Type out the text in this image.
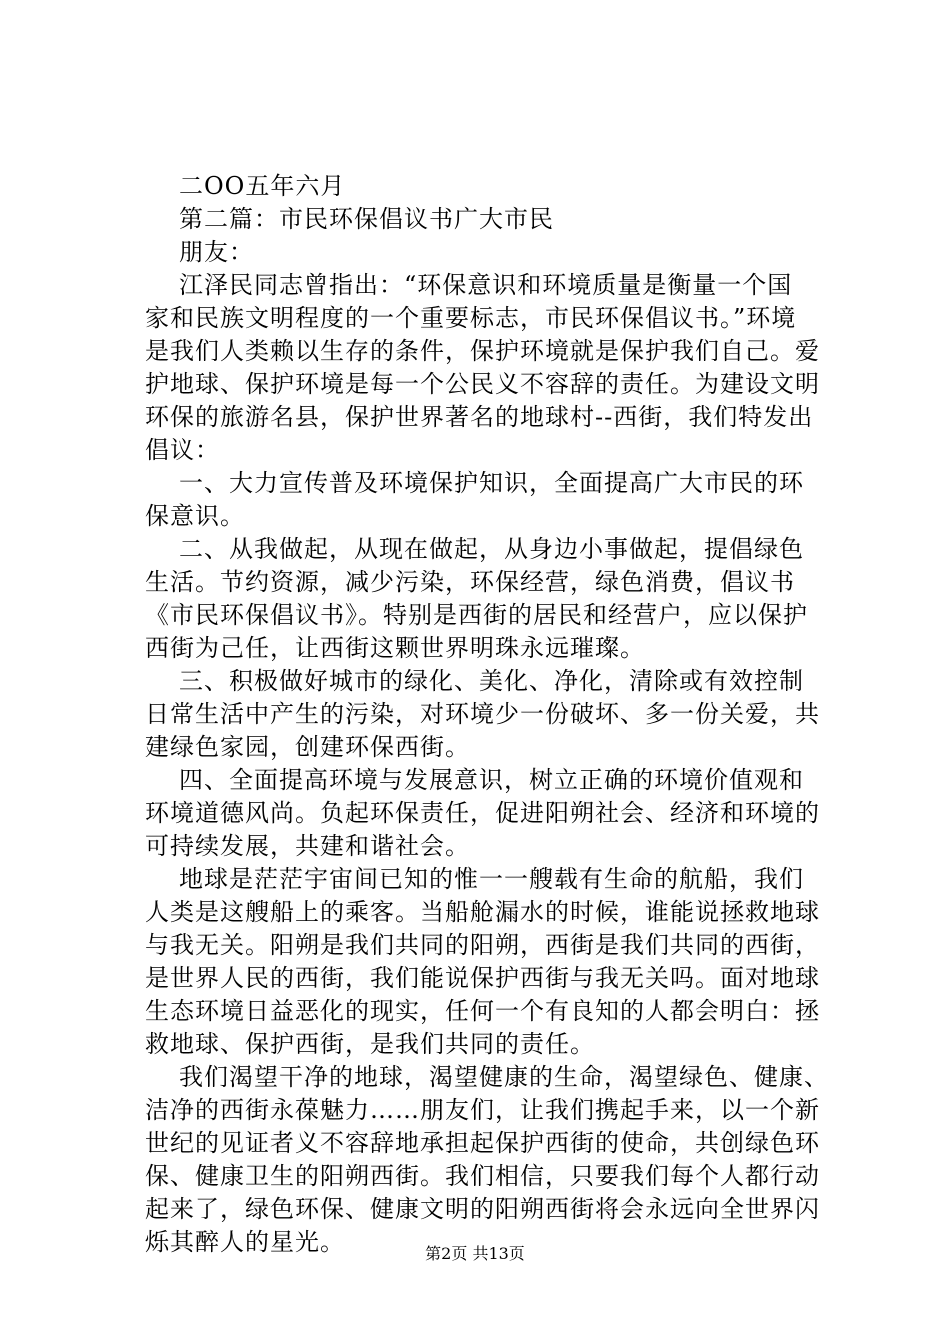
二OO五年六月
第二篇：市民环保倡议书广大市民
朋友：
江泽民同志曾指出：“环保意识和环境质量是衡量一个国
家和民族文明程度的一个重要标志，市民环保倡议书。”环境
是我们人类赖以生存的条件，保护环境就是保护我们自己。爱
护地球、保护环境是每一个公民义不容辞的责任。为建设文明
环保的旅游名县，保护世界著名的地球村--西街，我们特发出
倡议：
一、大力宣传普及环境保护知识，全面提高广大市民的环
保意识。
二、从我做起，从现在做起，从身边小事做起，提倡绿色
生活。节约资源，减少污染，环保经营，绿色消费，倡议书
《市民环保倡议书》。特别是西街的居民和经营户，应以保护
西街为己任，让西街这颗世界明珠永远璀璨。
三、积极做好城市的绿化、美化、净化，清除或有效控制
日常生活中产生的污染，对环境少一份破坏、多一份关爱，共
建绿色家园，创建环保西街。
四、全面提高环境与发展意识，树立正确的环境价值观和
环境道德风尚。负起环保责任，促进阳朔社会、经济和环境的
可持续发展，共建和谐社会。
地球是茫茫宇宙间已知的惟一一艘载有生命的航船，我们
人类是这艘船上的乘客。当船舱漏水的时候，谁能说拯救地球
与我无关。阳朔是我们共同的阳朔，西街是我们共同的西街，
是世界人民的西街，我们能说保护西街与我无关吗。面对地球
生态环境日益恶化的现实，任何一个有良知的人都会明白：拯
救地球、保护西街，是我们共同的责任。
我们渴望干净的地球，渴望健康的生命，渴望绿色、健康、
洁净的西街永葆魅力……朋友们，让我们携起手来，以一个新
世纪的见证者义不容辞地承担起保护西街的使命，共创绿色环
保、健康卫生的阳朔西街。我们相信，只要我们每个人都行动
起来了，绿色环保、健康文明的阳朔西街将会永远向全世界闪
烁其醉人的星光。	第2页 共13页
